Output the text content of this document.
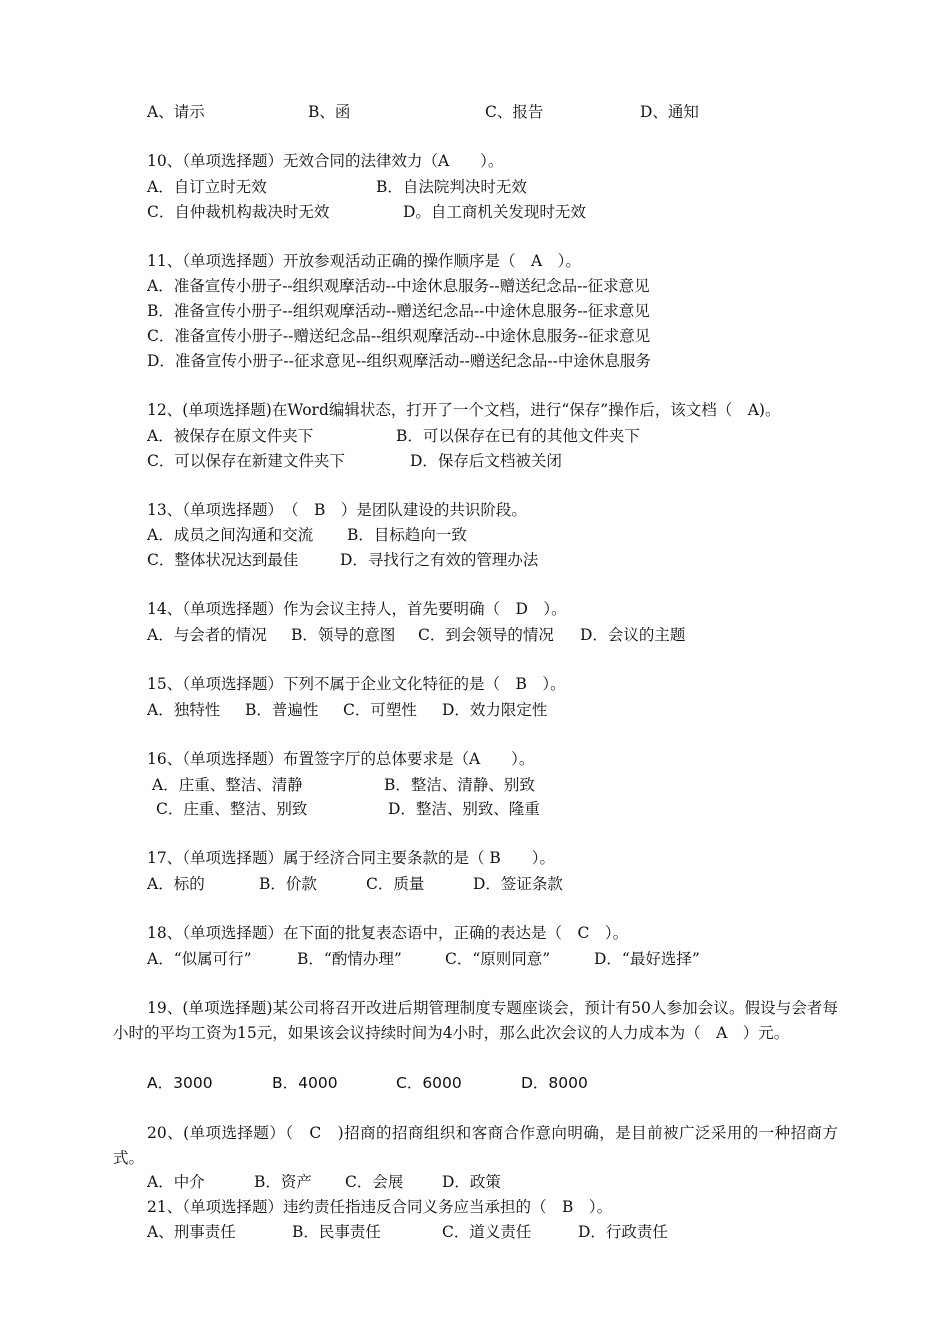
A、请示	B、函	C、报告	D、通知
10、（单项选择题）无效合同的法律效力（A　　）。
A．自订立时无效	B．自法院判决时无效
C．自仲裁机构裁决时无效	D。自工商机关发现时无效
11、（单项选择题）开放参观活动正确的操作顺序是（　A　）。
A．准备宣传小册子--组织观摩活动--中途休息服务--赠送纪念品--征求意见
B．准备宣传小册子--组织观摩活动--赠送纪念品--中途休息服务--征求意见
C．准备宣传小册子--赠送纪念品--组织观摩活动--中途休息服务--征求意见
D．准备宣传小册子--征求意见--组织观摩活动--赠送纪念品--中途休息服务
12、(单项选择题)在Word编辑状态，打开了一个文档，进行“保存”操作后，该文档（　A)。
A．被保存在原文件夹下	B．可以保存在已有的其他文件夹下
C．可以保存在新建文件夹下	D．保存后文档被关闭
13、（单项选择题）　（　B　）是团队建设的共识阶段。
A．成员之间沟通和交流 B．目标趋向一致
C．整体状况达到最佳	D．寻找行之有效的管理办法
14、（单项选择题）作为会议主持人，首先要明确（　D　）。
A．与会者的情况 B．领导的意图 C．到会领导的情况 D．会议的主题
15、（单项选择题）下列不属于企业文化特征的是（　B　）。
A．独特性 B．普遍性 C．可塑性 D．效力限定性
16、（单项选择题）布置签字厅的总体要求是（A　　）。
A．庄重、整洁、清静	B．整洁、清静、别致
C．庄重、整洁、别致	D．整洁、别致、隆重
17、（单项选择题）属于经济合同主要条款的是（ B　　）。
A．标的	B．价款	C．质量	D．签证条款
18、（单项选择题）在下面的批复表态语中，正确的表达是（　C　）。
A．“似属可行”	B．“酌情办理”	C．“原则同意”	D．“最好选择”
19、(单项选择题)某公司将召开改进后期管理制度专题座谈会，预计有50人参加会议。假设与会者每小时的平均工资为15元，如果该会议持续时间为4小时，那么此次会议的人力成本为（　A　）元。
A．3000	B．4000	C．6000	D．8000
20、(单项选择题）（　C　)招商的招商组织和客商合作意向明确，是目前被广泛采用的一种招商方式。
A．中介	B．资产 C．会展 D．政策
21、（单项选择题）违约责任指违反合同义务应当承担的（　B　）。
A、刑事责任	B．民事责任	C．道义责任	D．行政责任
